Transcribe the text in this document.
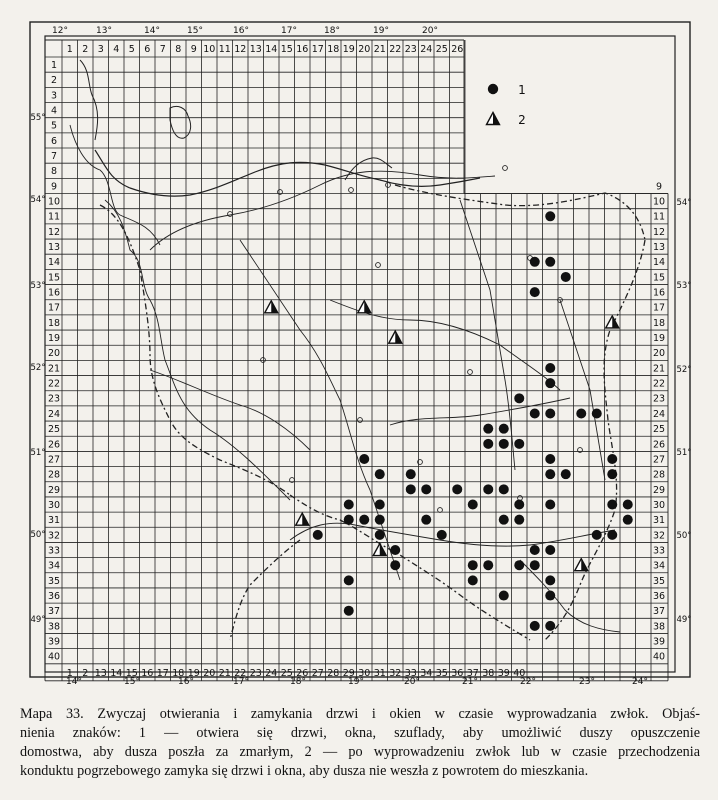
1 2 3 4 5 6 7 8 9 10 11 12 13 14 15 16 17 18 19 20 21 22 23 24 25 26
1 2 13 14 15 16 17 18 19 20 21 22 23 24 25 26 27 28 29 30 31 32 33 34 35 36 37 38 39 40
1
2
3
4
5
6
7
8
9
10
11
12
13
14
15
16
17
18
19
20
21
22
23
24
25
26
27
28
29
30
31
32
33
34
35
36
37
38
39
40
9
10
11
12
13
14
15
16
17
18
19
20
21
22
23
24
25
26
27
28
29
30
31
32
33
34
35
36
37
38
39
40
12°	13°	14°	15°	16°	17°	18°	19°	20°
14°	15°	16°	17°	18°	19°	20°	21°	22°	23°	24°
55°
54°
53°
52°
51°
50°
49°
54°
53°
52°
51°
50°
49°
1
2
Mapa 33. Zwyczaj otwierania i zamykania drzwi i okien w czasie wyprowadzania zwłok. Objaś-
nienia znaków: 1 — otwiera się drzwi, okna, szuflady, aby umożliwić duszy opuszczenie
domostwa, aby dusza poszła za zmarłym, 2 — po wyprowadzeniu zwłok lub w czasie przechodzenia
konduktu pogrzebowego zamyka się drzwi i okna, aby dusza nie weszła z powrotem do mieszkania.
